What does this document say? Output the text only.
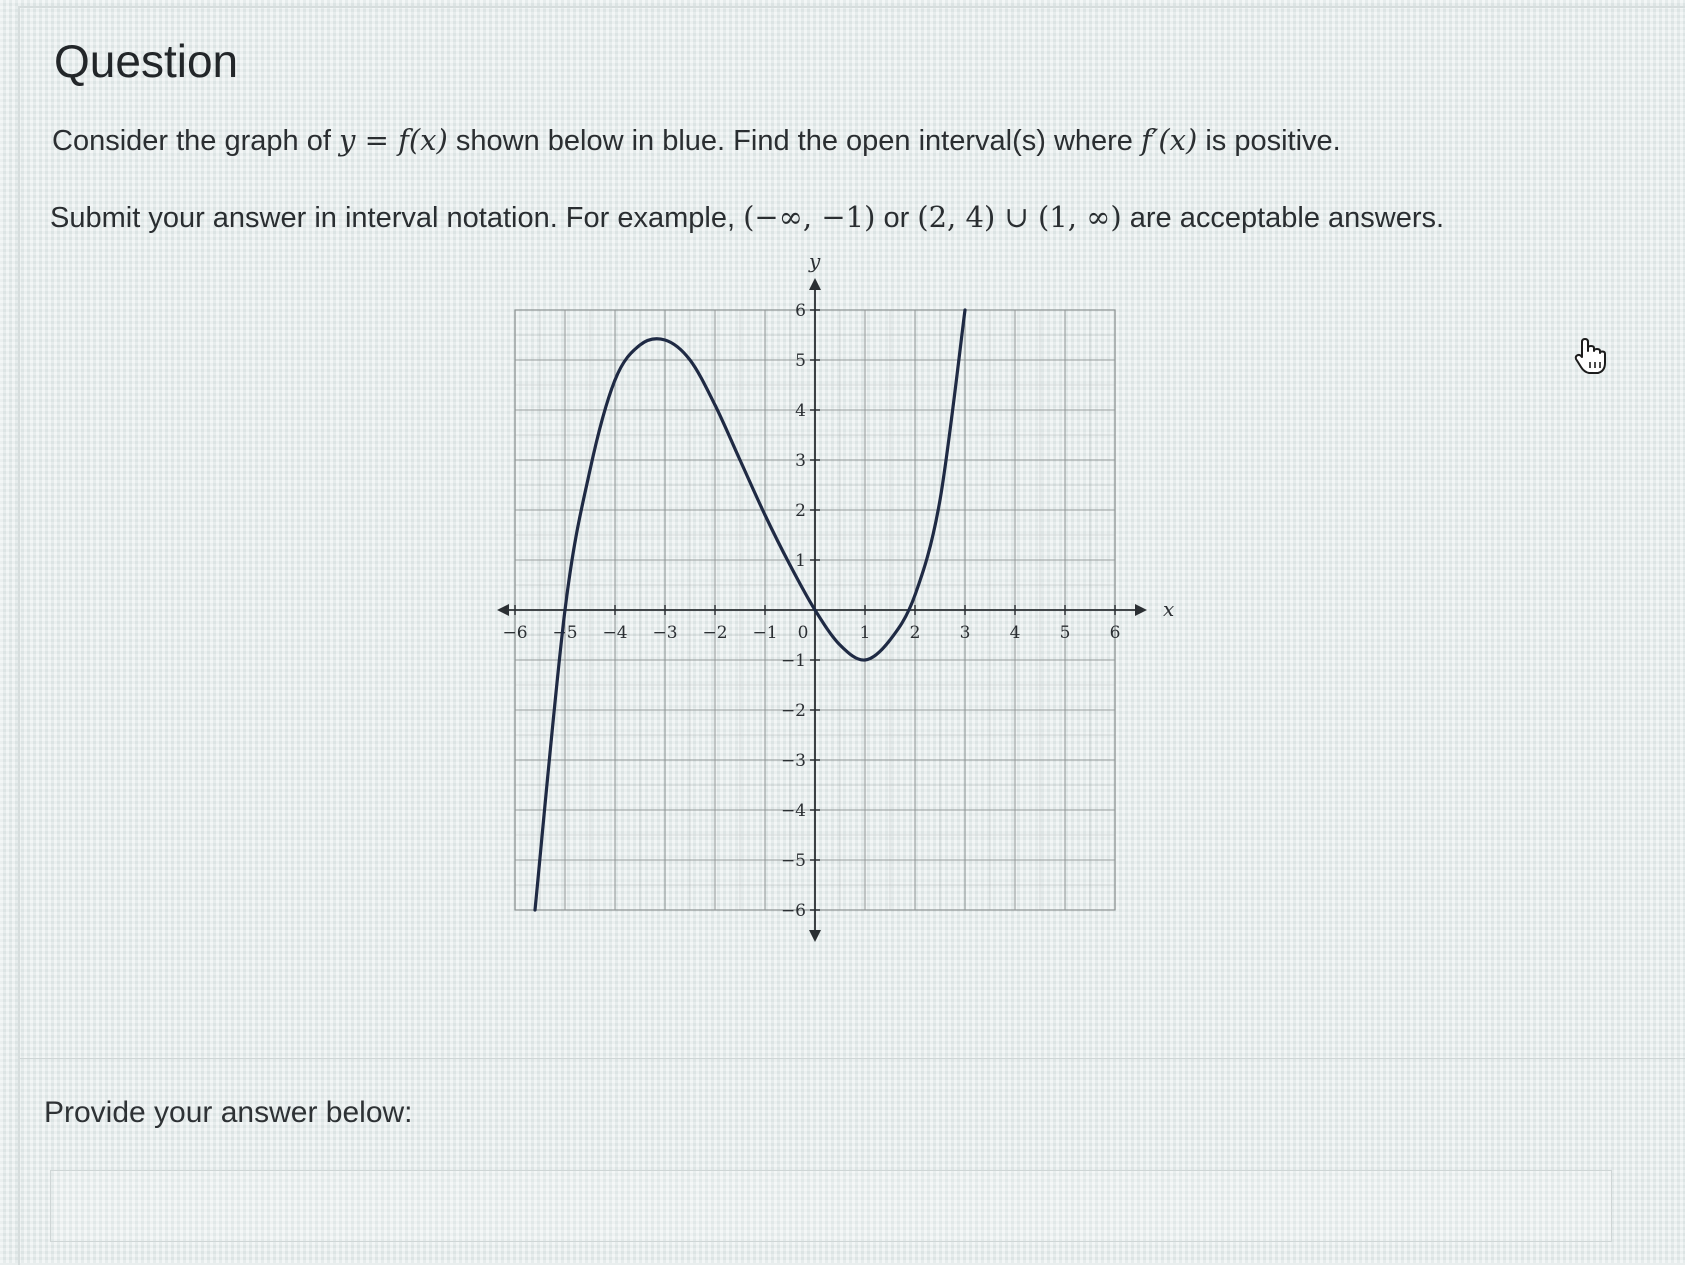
Question

Consider the graph of y = f(x) shown below in blue. Find the open interval(s) where f′(x) is positive.

Submit your answer in interval notation. For example, (−∞, −1) or (2, 4) ∪ (1, ∞) are acceptable answers.

x
y
−6 −5 −4 −3 −2 −1 0	1 2 3 4 5 6
6
5
4
3
2
1
−1
−2
−3
−4
−5
−6

Provide your answer below:
